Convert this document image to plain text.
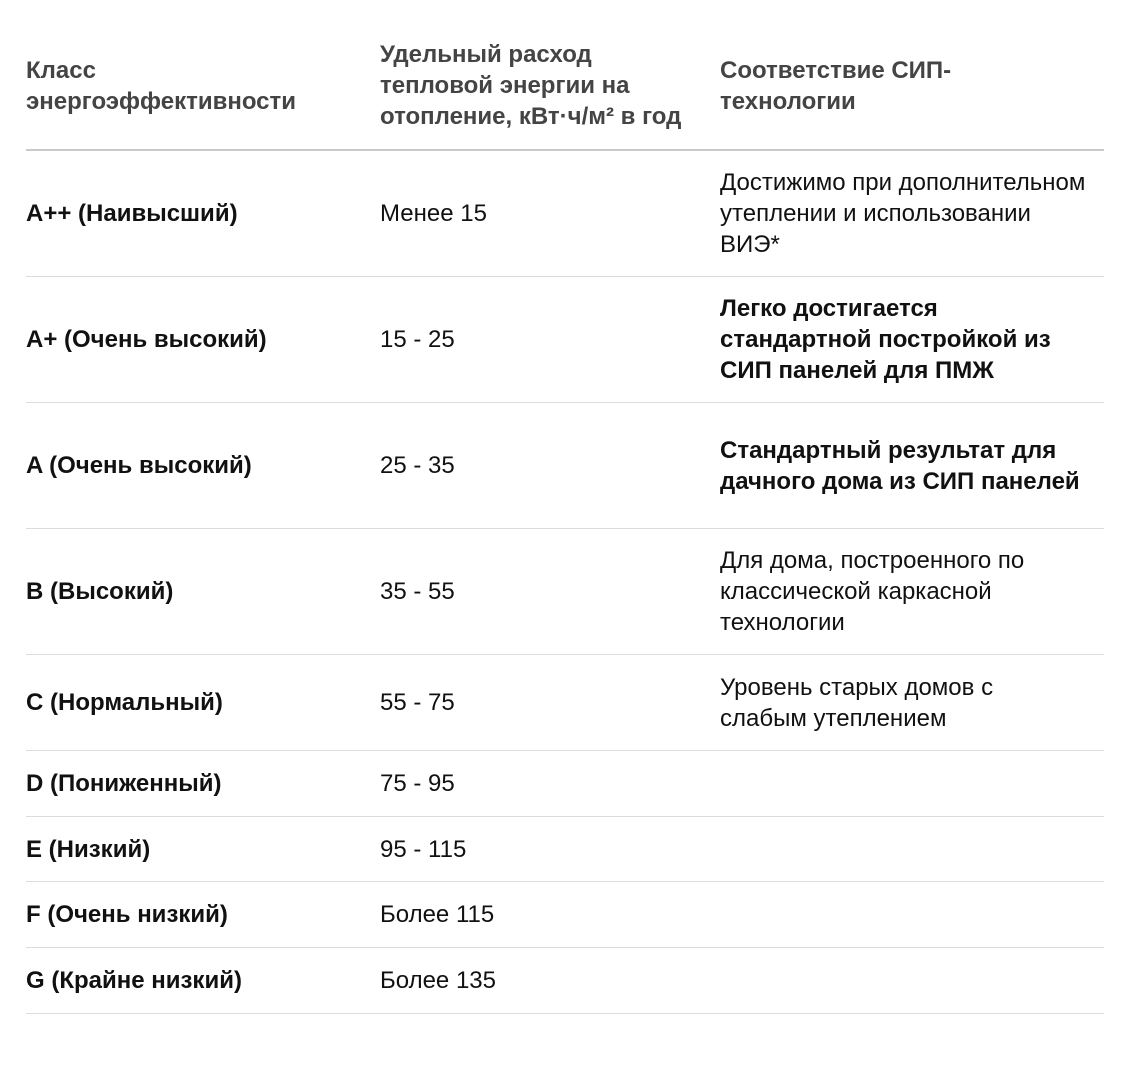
Класс энергоэффективности	Удельный расход тепловой энергии на отопление, кВт·ч/м² в год	Соответствие СИП-технологии
A++ (Наивысший)	Менее 15	Достижимо при дополнительном утеплении и использовании ВИЭ*
A+ (Очень высокий)	15 - 25	Легко достигается стандартной постройкой из СИП панелей для ПМЖ
A (Очень высокий)	25 - 35	Стандартный результат для дачного дома из СИП панелей
B (Высокий)	35 - 55	Для дома, построенного по классической каркасной технологии
C (Нормальный)	55 - 75	Уровень старых домов с слабым утеплением
D (Пониженный)	75 - 95	
E (Низкий)	95 - 115	
F (Очень низкий)	Более 115	
G (Крайне низкий)	Более 135	
